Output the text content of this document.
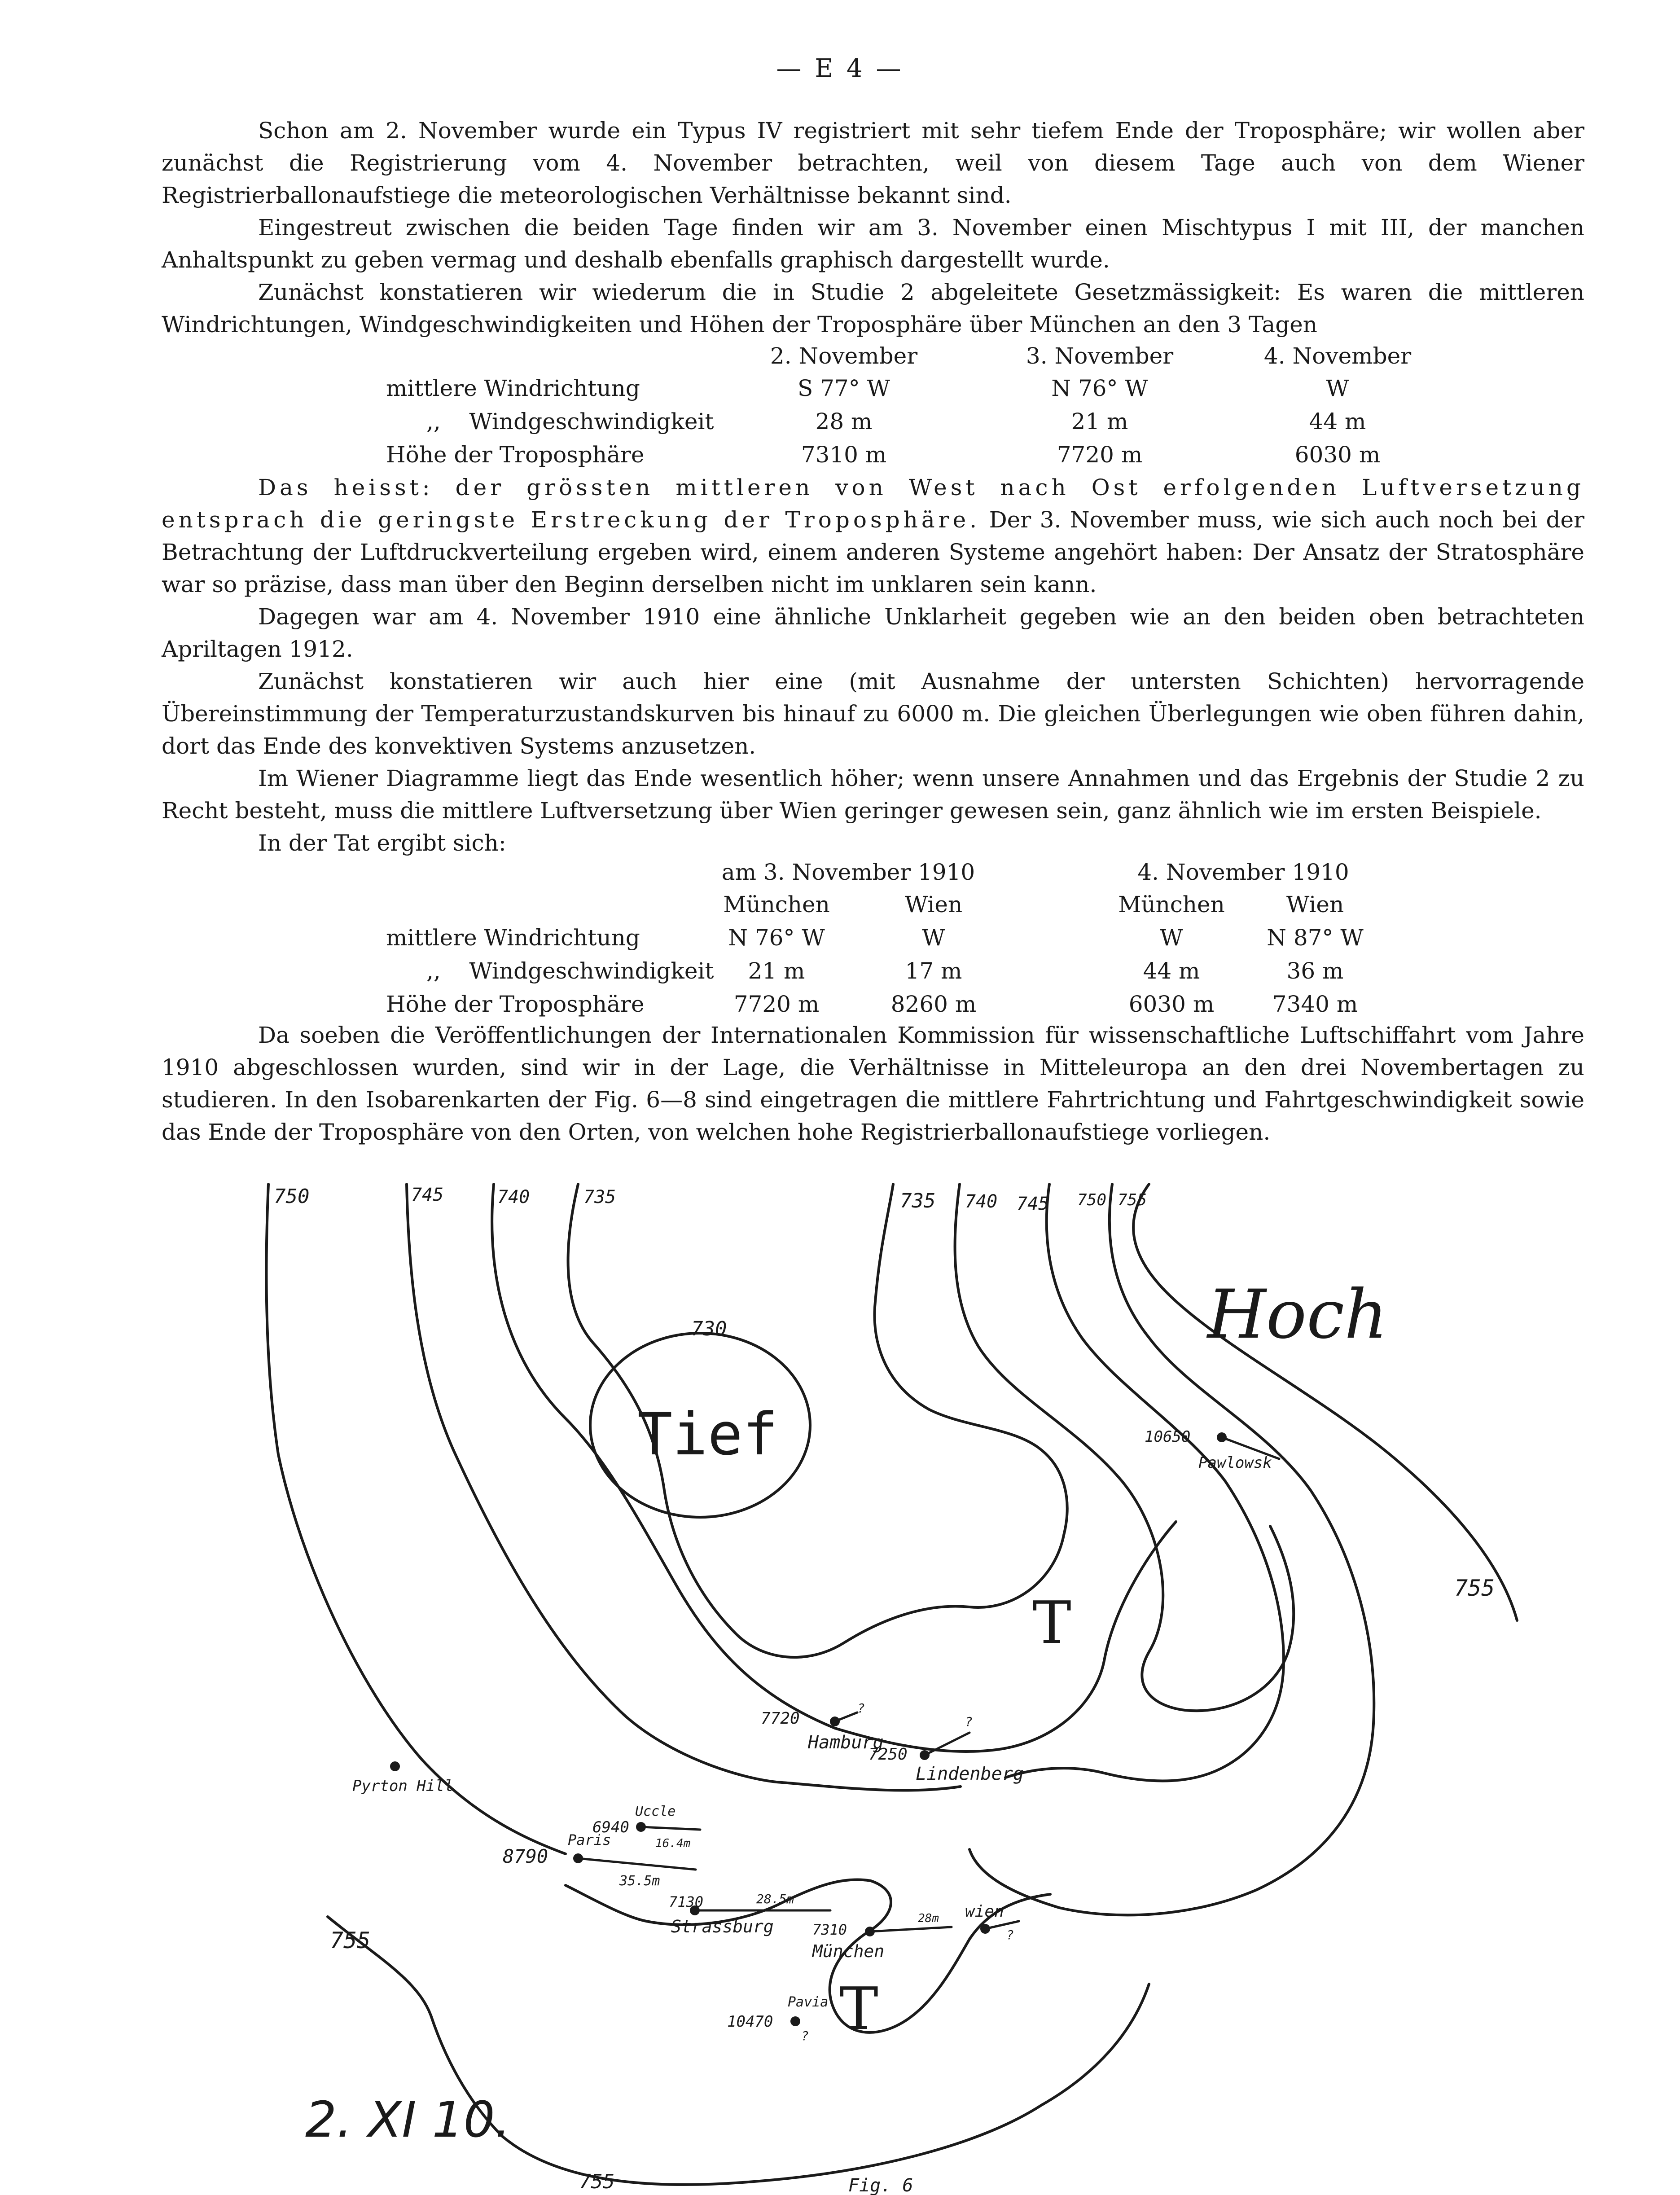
— E 4 —

Schon am 2. November wurde ein Typus IV registriert mit sehr tiefem Ende der Troposphäre; wir wollen aber zunächst die Registrierung vom 4. November betrachten, weil von diesem Tage auch von dem Wiener Registrierballonaufstiege die meteorologischen Verhältnisse bekannt sind.

Eingestreut zwischen die beiden Tage finden wir am 3. November einen Mischtypus I mit III, der manchen Anhaltspunkt zu geben vermag und deshalb ebenfalls graphisch dargestellt wurde.

Zunächst konstatieren wir wiederum die in Studie 2 abgeleitete Gesetzmässigkeit: Es waren die mittleren Windrichtungen, Windgeschwindigkeiten und Höhen der Troposphäre über München an den 3 Tagen

2. November	3. November	4. November
mittlere Windrichtung	S 77° W	N 76° W	W
,,    Windgeschwindigkeit	28 m	21 m	44 m
Höhe der Troposphäre	7310 m	7720 m	6030 m

Das heisst: der grössten mittleren von West nach Ost erfolgenden Luftversetzung entsprach die geringste Erstreckung der Troposphäre. Der 3. November muss, wie sich auch noch bei der Betrachtung der Luftdruckverteilung ergeben wird, einem anderen Systeme angehört haben: Der Ansatz der Stratosphäre war so präzise, dass man über den Beginn derselben nicht im unklaren sein kann.

Dagegen war am 4. November 1910 eine ähnliche Unklarheit gegeben wie an den beiden oben betrachteten Apriltagen 1912.

Zunächst konstatieren wir auch hier eine (mit Ausnahme der untersten Schichten) hervorragende Übereinstimmung der Temperaturzustandskurven bis hinauf zu 6000 m. Die gleichen Überlegungen wie oben führen dahin, dort das Ende des konvektiven Systems anzusetzen.

Im Wiener Diagramme liegt das Ende wesentlich höher; wenn unsere Annahmen und das Ergebnis der Studie 2 zu Recht besteht, muss die mittlere Luftversetzung über Wien geringer gewesen sein, ganz ähnlich wie im ersten Beispiele.

In der Tat ergibt sich:

am 3. November 1910	4. November 1910
München	Wien	München	Wien
mittlere Windrichtung	N 76° W	W	W	N 87° W
,,    Windgeschwindigkeit	21 m	17 m	44 m	36 m
Höhe der Troposphäre	7720 m	8260 m	6030 m	7340 m

Da soeben die Veröffentlichungen der Internationalen Kommission für wissenschaftliche Luftschiffahrt vom Jahre 1910 abgeschlossen wurden, sind wir in der Lage, die Verhältnisse in Mitteleuropa an den drei Novembertagen zu studieren. In den Isobarenkarten der Fig. 6—8 sind eingetragen die mittlere Fahrtrichtung und Fahrtgeschwindigkeit sowie das Ende der Troposphäre von den Orten, von welchen hohe Registrierballonaufstiege vorliegen.

750	745	740	735	735 740 745 750 755
730
755
755
755
Hoch
Tief
T
T
10650
Pawlowsk
7720
Hamburg
?
7250
Lindenberg
?
Pyrton Hill
Uccle
6940
16.4m
Paris
8790
35.5m
7130	28.5m
Strassburg
wien
?
7310
28m
München
Pavia
10470
?
2. XI 10.
Fig. 6
